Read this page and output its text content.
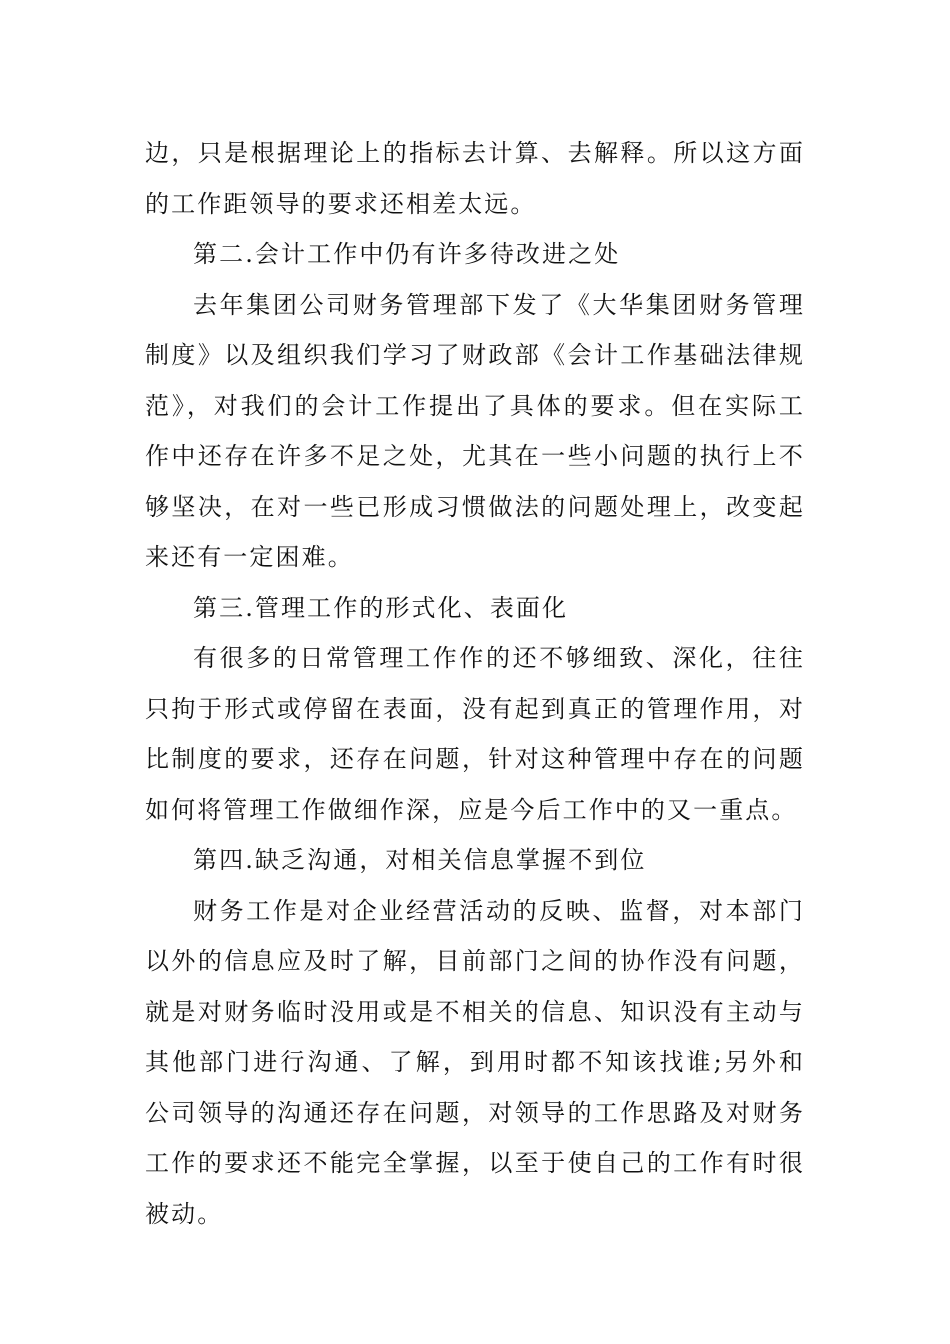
边，只是根据理论上的指标去计算、去解释。所以这方面的工作距领导的要求还相差太远。

第二.会计工作中仍有许多待改进之处

去年集团公司财务管理部下发了《大华集团财务管理制度》以及组织我们学习了财政部《会计工作基础法律规范》，对我们的会计工作提出了具体的要求。但在实际工作中还存在许多不足之处，尤其在一些小问题的执行上不够坚决，在对一些已形成习惯做法的问题处理上，改变起来还有一定困难。

第三.管理工作的形式化、表面化

有很多的日常管理工作作的还不够细致、深化，往往只拘于形式或停留在表面，没有起到真正的管理作用，对比制度的要求，还存在问题，针对这种管理中存在的问题如何将管理工作做细作深，应是今后工作中的又一重点。

第四.缺乏沟通，对相关信息掌握不到位

财务工作是对企业经营活动的反映、监督，对本部门以外的信息应及时了解，目前部门之间的协作没有问题，就是对财务临时没用或是不相关的信息、知识没有主动与其他部门进行沟通、了解，到用时都不知该找谁;另外和公司领导的沟通还存在问题，对领导的工作思路及对财务工作的要求还不能完全掌握，以至于使自己的工作有时很被动。
